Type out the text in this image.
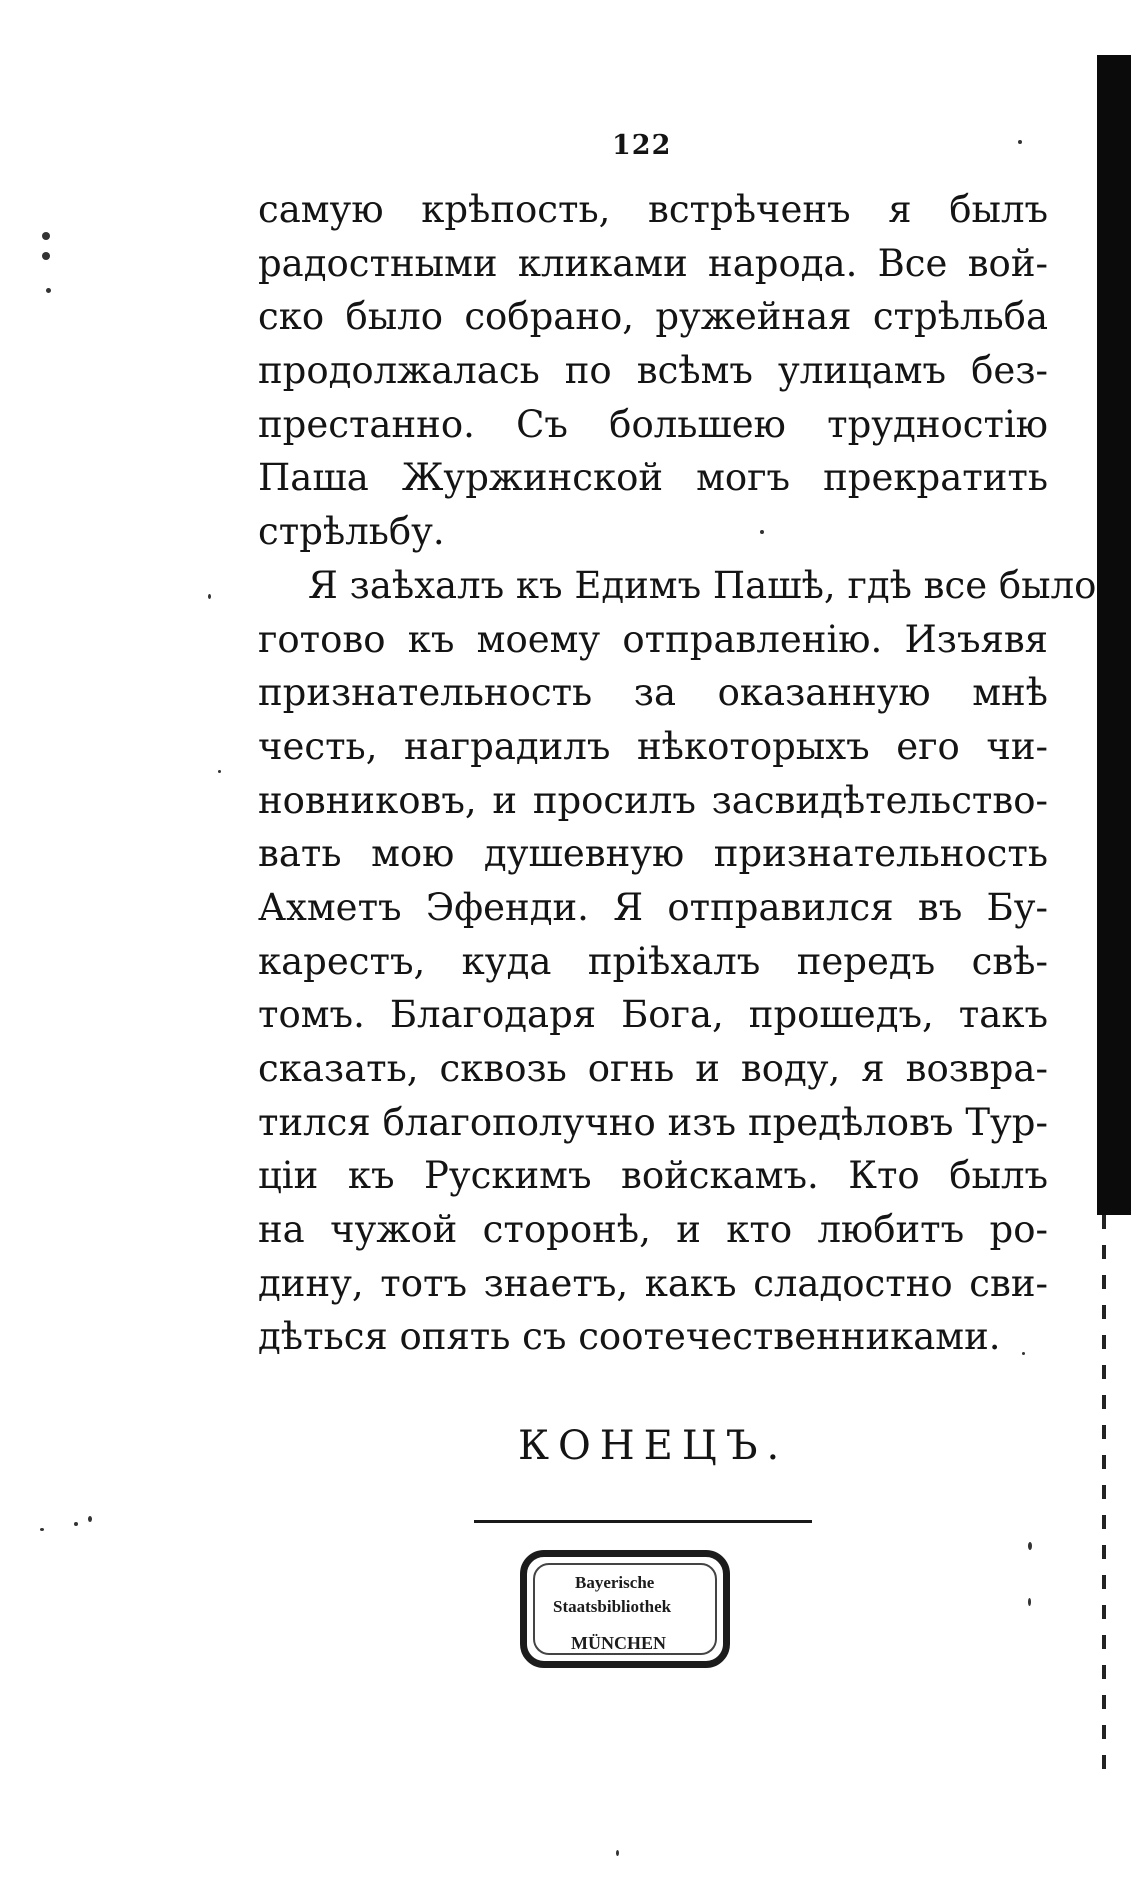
122
самую крѣпость, встрѣченъ я былъ
радостными кликами народа. Все вой-
ско было собрано, ружейная стрѣльба
продолжалась по всѣмъ улицамъ без-
престанно. Съ большею трудностію
Паша Журжинской могъ прекратить
стрѣльбу.
Я заѣхалъ къ Едимъ Пашѣ, гдѣ все было
готово къ моему отправленію. Изъявя
признательность за оказанную мнѣ
честь, наградилъ нѣкоторыхъ его чи-
новниковъ, и просилъ засвидѣтельство-
вать мою душевную признательность
Ахметъ Эфенди. Я отправился въ Бу-
карестъ, куда пріѣхалъ передъ свѣ-
томъ. Благодаря Бога, прошедъ, такъ
сказать, сквозь огнь и воду, я возвра-
тился благополучно изъ предѣловъ Тур-
ціи къ Рускимъ войскамъ. Кто былъ
на чужой сторонѣ, и кто любитъ ро-
дину, тотъ знаетъ, какъ сладостно сви-
дѣться опять съ соотечественниками.
КОНЕЦЪ.
Bayerische
Staatsbibliothek
MÜNCHEN
